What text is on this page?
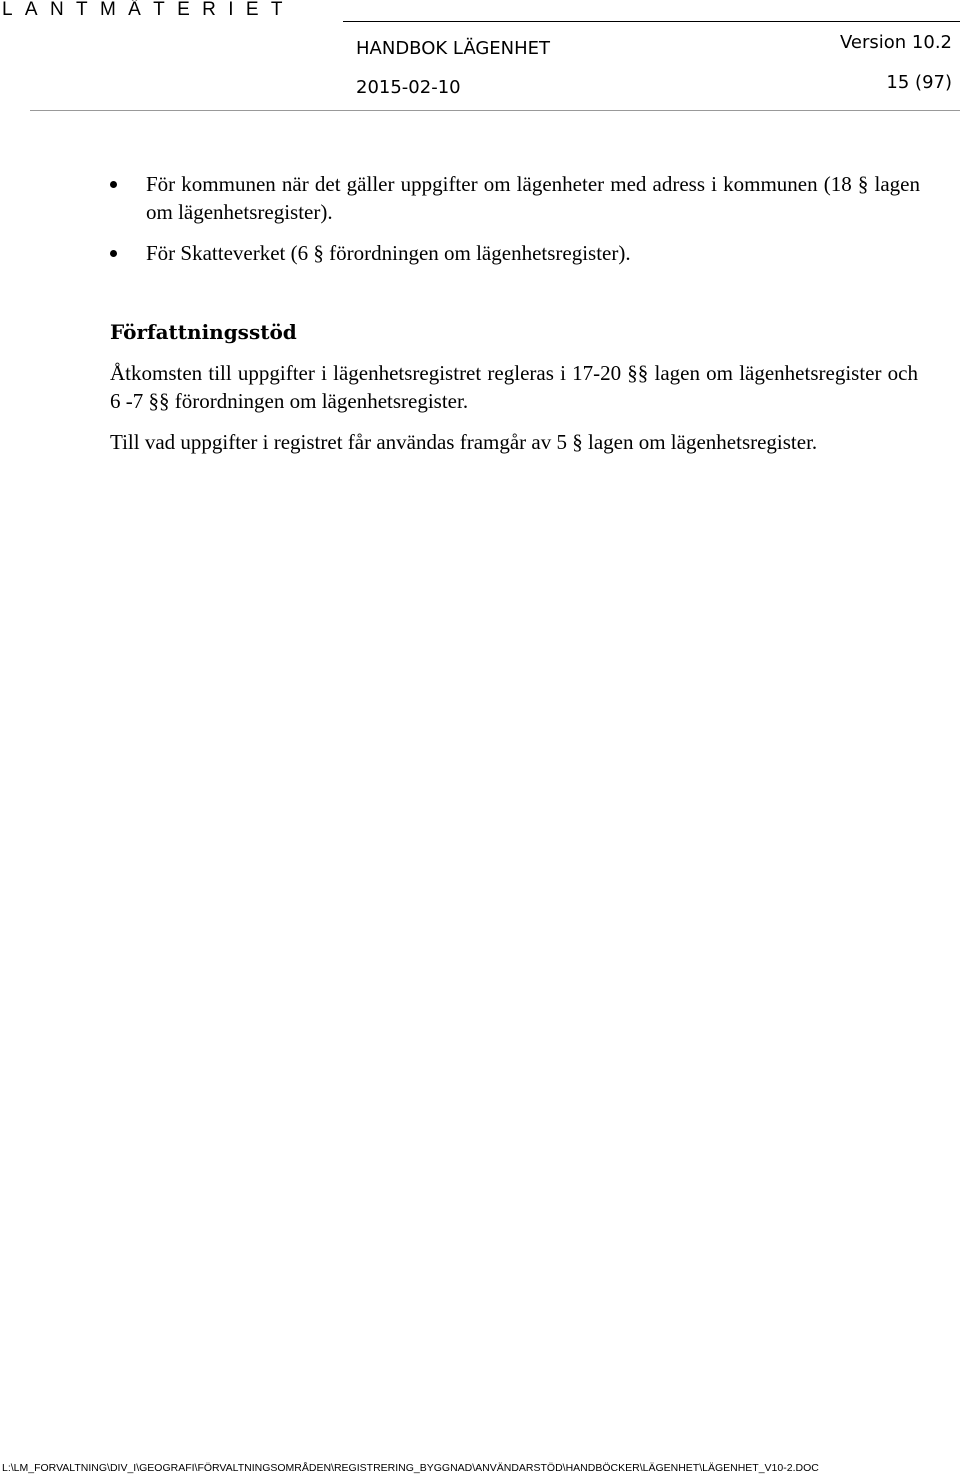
LANTMÄTERIET
HANDBOK LÄGENHET	Version 10.2
2015-02-10	15 (97)
För kommunen när det gäller uppgifter om lägenheter med adress i kommunen (18 § lagen om lägenhetsregister).
För Skatteverket (6 § förordningen om lägenhetsregister).
Författningsstöd

Åtkomsten till uppgifter i lägenhetsregistret regleras i 17-20 §§ lagen om lägenhetsregister och 6 -7 §§ förordningen om lägenhetsregister.

Till vad uppgifter i registret får användas framgår av 5 § lagen om lägenhetsregister.

L:\LM_FORVALTNING\DIV_I\GEOGRAFI\FÖRVALTNINGSOMRÅDEN\REGISTRERING_BYGGNAD\ANVÄNDARSTÖD\HANDBÖCKER\LÄGENHET\LÄGENHET_V10-2.DOC
